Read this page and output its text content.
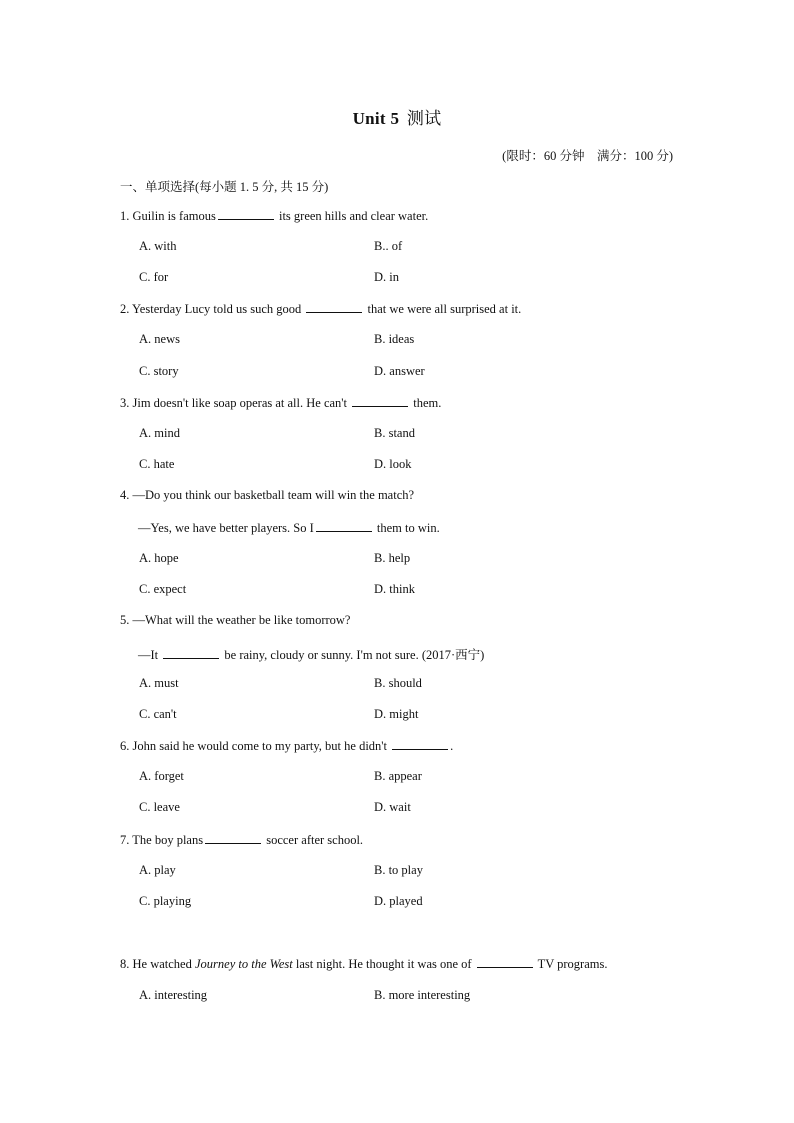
Unit 5 测试
(限时：60 分钟　满分：100 分)
一、单项选择(每小题 1. 5 分, 共 15 分)
1. Guilin is famous	its green hills and clear water.
A. with	B.. of
C. for	D. in
2. Yesterday Lucy told us such good	that we were all surprised at it.
A. news	B. ideas
C. story	D. answer
3. Jim doesn't like soap operas at all. He can't	them.
A. mind	B. stand
C. hate	D. look
4. —Do you think our basketball team will win the match?
—Yes, we have better players. So I	them to win.
A. hope	B. help
C. expect	D. think
5. —What will the weather be like tomorrow?
—It	be rainy, cloudy or sunny. I'm not sure. (2017·西宁)
A. must	B. should
C. can't	D. might
6. John said he would come to my party, but he didn't	.
A. forget	B. appear
C. leave	D. wait
7. The boy plans	soccer after school.
A. play	B. to play
C. playing	D. played
8. He watched Journey to the West last night. He thought it was one of	TV programs.
A. interesting	B. more interesting
